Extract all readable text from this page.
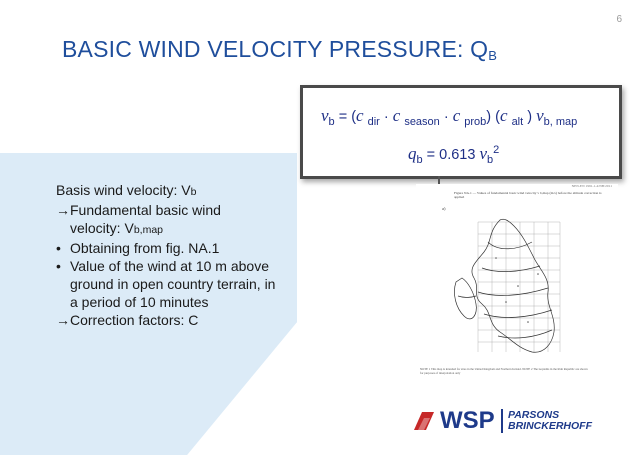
6
BASIC WIND VELOCITY PRESSURE: $Q_B$
$v_b = (c$ $_{dir}$ · c $_{season}$ · c $_{prob}$) (c $_{alt}$ ) $v_{b, map}$
$q_b = 0.613$ $v_b^2$
Basis wind velocity: Vb
→ Fundamental basic wind
velocity: Vb,map
• Obtaining from fig. NA.1
• Value of the wind at 10 m above ground in open country terrain, in a period of 10 minutes
→ Correction factors: C
NEN-EN 1991-1-4/NB:2011
Figure NA.1 — Values of fundamental basic wind velocity v b,map (m/s) before the altitude correction is applied
a)
NOTE 1 This map is intended for sites in the United Kingdom and Northern Ireland. NOTE 2 The isopleths in the Irish Republic are shown for purposes of interpolation only
WSP PARSONS
BRINCKERHOFF
